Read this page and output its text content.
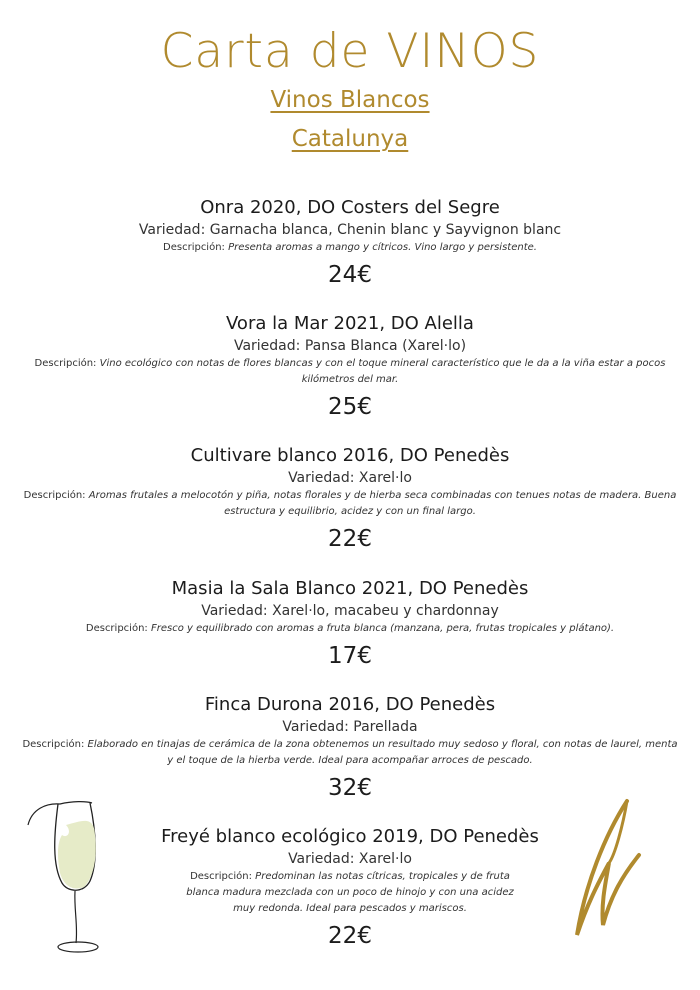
Carta de VINOS
Vinos Blancos
Catalunya
Onra 2020, DO Costers del Segre
Variedad: Garnacha blanca, Chenin blanc y Sayvignon blanc
Descripción: Presenta aromas a mango y cítricos. Vino largo y persistente.
24€
Vora la Mar 2021, DO Alella
Variedad: Pansa Blanca (Xarel·lo)
Descripción: Vino ecológico con notas de flores blancas y con el toque mineral característico que le da a la viña estar a pocos kilómetros del mar.
25€
Cultivare blanco 2016, DO Penedès
Variedad: Xarel·lo
Descripción: Aromas frutales a melocotón y piña, notas florales y de hierba seca combinadas con tenues notas de madera. Buena estructura y equilibrio, acidez y con un final largo.
22€
Masia la Sala Blanco 2021, DO Penedès
Variedad: Xarel·lo, macabeu y chardonnay
Descripción: Fresco y equilibrado con aromas a fruta blanca (manzana, pera, frutas tropicales y plátano).
17€
Finca Durona 2016, DO Penedès
Variedad: Parellada
Descripción: Elaborado en tinajas de cerámica de la zona obtenemos un resultado muy sedoso y floral, con notas de laurel, menta y el toque de la hierba verde. Ideal para acompañar arroces de pescado.
32€
Freyé blanco ecológico 2019, DO Penedès
Variedad: Xarel·lo
Descripción: Predominan las notas cítricas, tropicales y de fruta blanca madura mezclada con un poco de hinojo y con una acidez muy redonda. Ideal para pescados y mariscos.
22€
